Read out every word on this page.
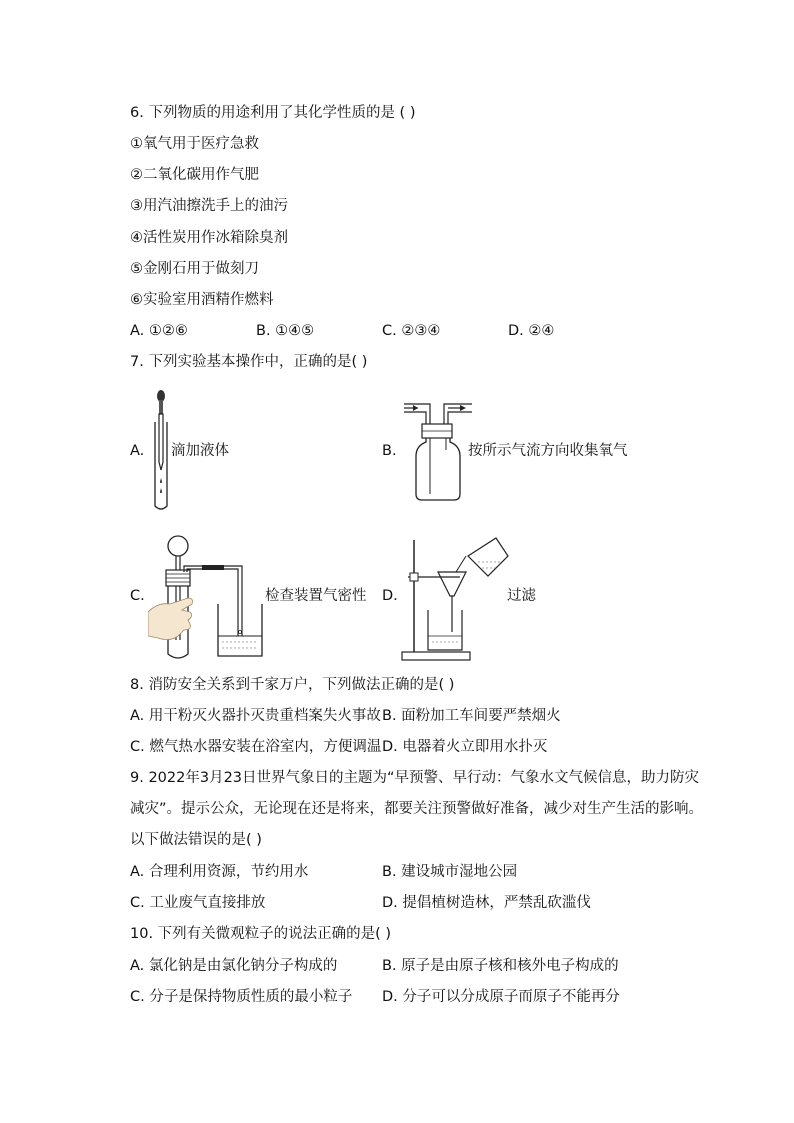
6. 下列物质的用途利用了其化学性质的是 ( )
①氧气用于医疗急救
②二氧化碳用作气肥
③用汽油擦洗手上的油污
④活性炭用作冰箱除臭剂
⑤金刚石用于做刻刀
⑥实验室用酒精作燃料
A. ①②⑥	B. ①④⑤	C. ②③④	D. ②④
7. 下列实验基本操作中，正确的是( )
A. 滴加液体	B.	按所示气流方向收集氧气
C.	检查装置气密性 D.	过滤
8. 消防安全关系到千家万户，下列做法正确的是( )
A. 用干粉灭火器扑灭贵重档案失火事故 B. 面粉加工车间要严禁烟火
C. 燃气热水器安装在浴室内，方便调温 D. 电器着火立即用水扑灭
9. 2022年3月23日世界气象日的主题为“早预警、早行动：气象水文气候信息，助力防灾
减灾”。提示公众，无论现在还是将来，都要关注预警做好准备，减少对生产生活的影响。
以下做法错误的是( )
A. 合理利用资源，节约用水	B. 建设城市湿地公园
C. 工业废气直接排放	D. 提倡植树造林，严禁乱砍滥伐
10. 下列有关微观粒子的说法正确的是( )
A. 氯化钠是由氯化钠分子构成的	B. 原子是由原子核和核外电子构成的
C. 分子是保持物质性质的最小粒子 D. 分子可以分成原子而原子不能再分
